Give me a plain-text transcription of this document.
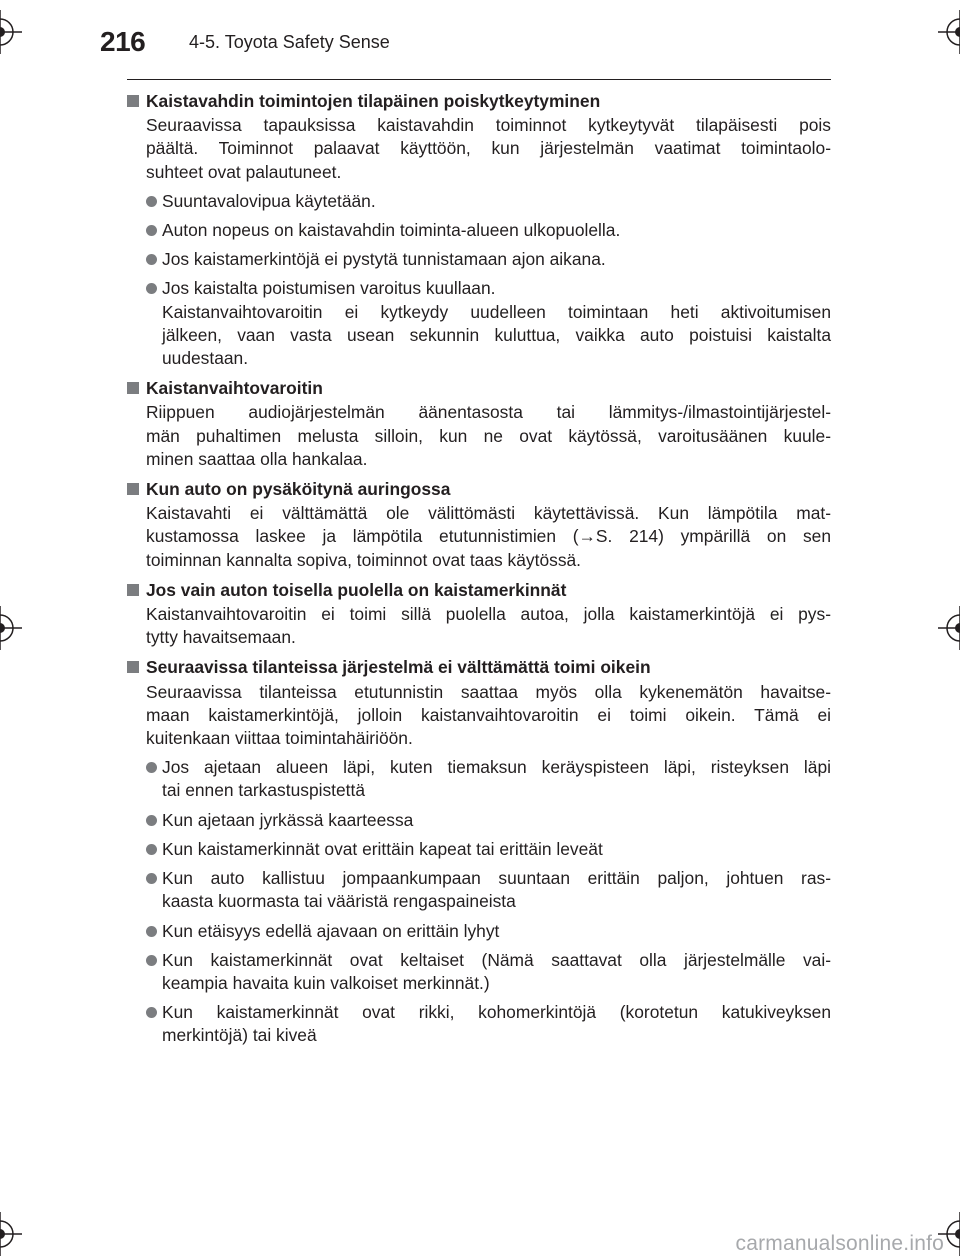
216 4-5. Toyota Safety Sense
Kaistavahdin toimintojen tilapäinen poiskytkeytyminen
Seuraavissa tapauksissa kaistavahdin toiminnot kytkeytyvät tilapäisesti pois
päältä. Toiminnot palaavat käyttöön, kun järjestelmän vaatimat toimintaolo-
suhteet ovat palautuneet.
Suuntavalovipua käytetään.
Auton nopeus on kaistavahdin toiminta-alueen ulkopuolella.
Jos kaistamerkintöjä ei pystytä tunnistamaan ajon aikana.
Jos kaistalta poistumisen varoitus kuullaan.
Kaistanvaihtovaroitin ei kytkeydy uudelleen toimintaan heti aktivoitumisen
jälkeen, vaan vasta usean sekunnin kuluttua, vaikka auto poistuisi kaistalta
uudestaan.
Kaistanvaihtovaroitin
Riippuen audiojärjestelmän äänentasosta tai lämmitys-/ilmastointijärjestel-
män puhaltimen melusta silloin, kun ne ovat käytössä, varoitusäänen kuule-
minen saattaa olla hankalaa.
Kun auto on pysäköitynä auringossa
Kaistavahti ei välttämättä ole välittömästi käytettävissä. Kun lämpötila mat-
kustamossa laskee ja lämpötila etutunnistimien (→S. 214) ympärillä on sen
toiminnan kannalta sopiva, toiminnot ovat taas käytössä.
Jos vain auton toisella puolella on kaistamerkinnät
Kaistanvaihtovaroitin ei toimi sillä puolella autoa, jolla kaistamerkintöjä ei pys-
tytty havaitsemaan.
Seuraavissa tilanteissa järjestelmä ei välttämättä toimi oikein
Seuraavissa tilanteissa etutunnistin saattaa myös olla kykenemätön havaitse-
maan kaistamerkintöjä, jolloin kaistanvaihtovaroitin ei toimi oikein. Tämä ei
kuitenkaan viittaa toimintahäiriöön.
Jos ajetaan alueen läpi, kuten tiemaksun keräyspisteen läpi, risteyksen läpi
tai ennen tarkastuspistettä
Kun ajetaan jyrkässä kaarteessa
Kun kaistamerkinnät ovat erittäin kapeat tai erittäin leveät
Kun auto kallistuu jompaankumpaan suuntaan erittäin paljon, johtuen ras-
kaasta kuormasta tai vääristä rengaspaineista
Kun etäisyys edellä ajavaan on erittäin lyhyt
Kun kaistamerkinnät ovat keltaiset (Nämä saattavat olla järjestelmälle vai-
keampia havaita kuin valkoiset merkinnät.)
Kun kaistamerkinnät ovat rikki, kohomerkintöjä (korotetun katukiveyksen
merkintöjä) tai kiveä
carmanualsonline.info
